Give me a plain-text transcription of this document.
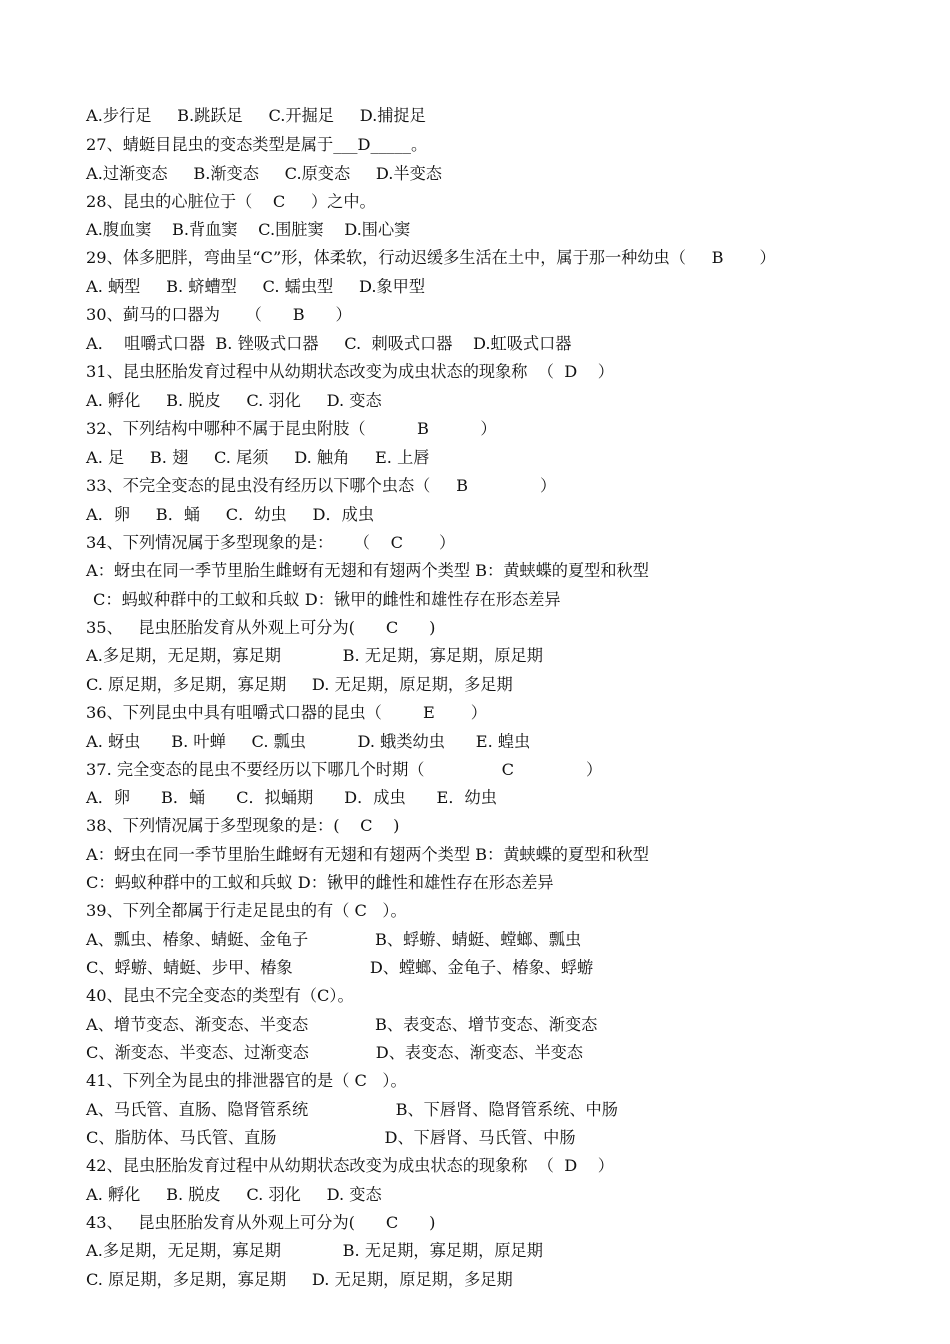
A.步行足     B.跳跃足     C.开掘足     D.捕捉足
27、蜻蜓目昆虫的变态类型是属于___D_____。
A.过渐变态     B.渐变态     C.原变态     D.半变态
28、昆虫的心脏位于（    C     ）之中。
A.腹血窦    B.背血窦    C.围脏窦    D.围心窦
29、体多肥胖，弯曲呈“C”形，体柔软，行动迟缓多生活在土中，属于那一种幼虫（     B       ）
A. 蛃型     B. 蛴螬型     C. 蠕虫型     D.象甲型
30、蓟马的口器为     （      B      ）
A．  咀嚼式口器  B. 锉吸式口器     C.  刺吸式口器    D.虹吸式口器
31、昆虫胚胎发育过程中从幼期状态改变为成虫状态的现象称  （  D    ）
A. 孵化     B. 脱皮     C. 羽化     D. 变态
32、下列结构中哪种不属于昆虫附肢（          B          ）
A. 足     B. 翅     C. 尾须     D. 触角     E. 上唇
33、不完全变态的昆虫没有经历以下哪个虫态（     B              ）
A．卵     B．蛹     C．幼虫     D．成虫
34、下列情况属于多型现象的是：    （    C       ）
A：蚜虫在同一季节里胎生雌蚜有无翅和有翅两个类型 B：黄蛱蝶的夏型和秋型
C：蚂蚁种群中的工蚁和兵蚁 D：锹甲的雌性和雄性存在形态差异
35、   昆虫胚胎发育从外观上可分为(      C      )
A.多足期，无足期，寡足期            B. 无足期，寡足期，原足期
C. 原足期，多足期，寡足期     D. 无足期，原足期，多足期
36、下列昆虫中具有咀嚼式口器的昆虫（        E       ）
A. 蚜虫      B. 叶蝉     C. 瓢虫          D. 蛾类幼虫      E. 蝗虫
37. 完全变态的昆虫不要经历以下哪几个时期（               C              ）
A．卵      B．蛹      C．拟蛹期      D．成虫      E．幼虫
38、下列情况属于多型现象的是：(    C    )
A：蚜虫在同一季节里胎生雌蚜有无翅和有翅两个类型 B：黄蛱蝶的夏型和秋型
C：蚂蚁种群中的工蚁和兵蚁 D：锹甲的雌性和雄性存在形态差异
39、下列全都属于行走足昆虫的有（ C   ）。
A、瓢虫、椿象、蜻蜓、金龟子             B、蜉蝣、蜻蜓、螳螂、瓢虫
C、蜉蝣、蜻蜓、步甲、椿象               D、螳螂、金龟子、椿象、蜉蝣
40、昆虫不完全变态的类型有（C）。
A、增节变态、渐变态、半变态             B、表变态、增节变态、渐变态
C、渐变态、半变态、过渐变态             D、表变态、渐变态、半变态
41、下列全为昆虫的排泄器官的是（ C   ）。
A、马氏管、直肠、隐肾管系统                 B、下唇肾、隐肾管系统、中肠
C、脂肪体、马氏管、直肠                     D、下唇肾、马氏管、中肠
42、昆虫胚胎发育过程中从幼期状态改变为成虫状态的现象称  （  D    ）
A. 孵化     B. 脱皮     C. 羽化     D. 变态
43、   昆虫胚胎发育从外观上可分为(      C      )
A.多足期，无足期，寡足期            B. 无足期，寡足期，原足期
C. 原足期，多足期，寡足期     D. 无足期，原足期，多足期
